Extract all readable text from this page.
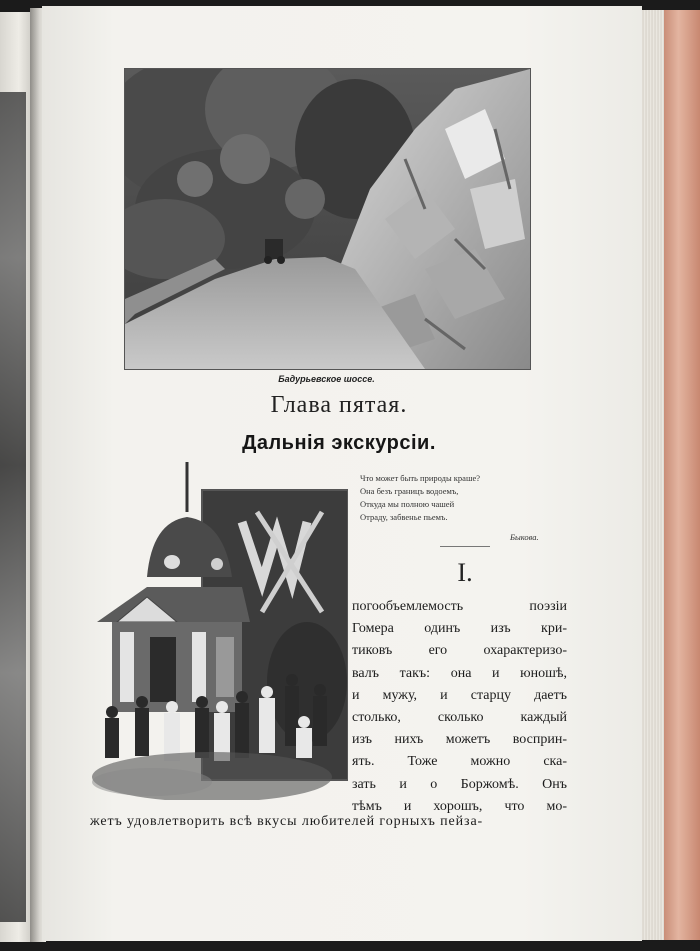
Бадурьевское шоссе.
Глава пятая.
Дальнія экскурсіи.
Что может быть природы краше?
Она безъ границъ водоемъ,
Откуда мы полною чашей
Отраду, забвенье пьемъ.
Быкова.
I.
погообъемлемость поэзіи
Гомера одинъ изъ кри-
тиковъ его охарактеризо-
валъ такъ: она и юношѣ,
и мужу, и старцу даетъ
столько, сколько каждый
изъ нихъ можетъ восприн-
ять. Тоже можно ска-
зать и о Боржомѣ. Онъ
тѣмъ и хорошъ, что мо-
жетъ удовлетворить всѣ вкусы любителей горныхъ пейза-
